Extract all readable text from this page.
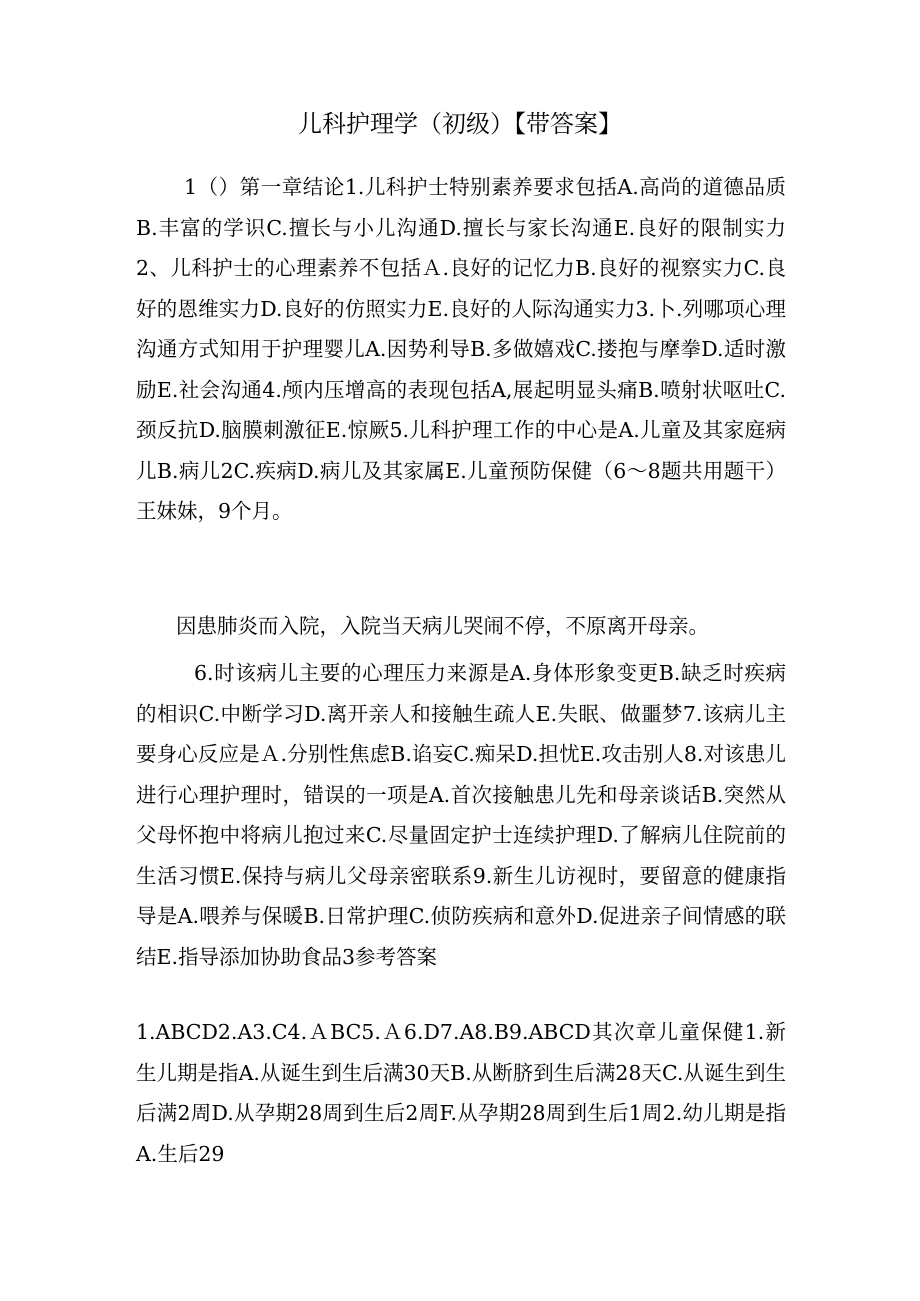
儿科护理学（初级）【带答案】

1（）第一章结论1.儿科护士特别素养要求包括A.高尚的道德品质B.丰富的学识C.擅长与小儿沟通D.擅长与家长沟通E.良好的限制实力2、儿科护士的心理素养不包括Ａ.良好的记忆力B.良好的视察实力C.良好的恩维实力D.良好的仿照实力E.良好的人际沟通实力3.卜.列哪项心理沟通方式知用于护理婴儿A.因势利导B.多做嬉戏C.搂抱与摩拳D.适时激励E.社会沟通4.颅内压增高的表现包括A,展起明显头痛B.喷射状呕吐C.颈反抗D.脑膜刺激征E.惊厥5.儿科护理工作的中心是A.儿童及其家庭病儿B.病儿2C.疾病D.病儿及其家属E.儿童预防保健（6～8题共用题干）王妹妹，9个月。

因患肺炎而入院，入院当天病儿哭闹不停，不原离开母亲。

6.时该病儿主要的心理压力来源是A.身体形象变更B.缺乏时疾病的相识C.中断学习D.离开亲人和接触生疏人E.失眠、做噩梦7.该病儿主要身心反应是Ａ.分别性焦虑B.谄妄C.痴呆D.担忧E.攻击别人8.对该患儿进行心理护理时，错误的一项是A.首次接触患儿先和母亲谈话B.突然从父母怀抱中将病儿抱过来C.尽量固定护士连续护理D.了解病儿住院前的生活习惯E.保持与病儿父母亲密联系9.新生儿访视时，要留意的健康指导是A.喂养与保暖B.日常护理C.侦防疾病和意外D.促进亲子间情感的联结E.指导添加协助食品3参考答案

1.ABCD2.A3.C4.ＡBC5.Ａ6.D7.A8.B9.ABCD其次章儿童保健1.新生儿期是指A.从诞生到生后满30天B.从断脐到生后满28天C.从诞生到生后满2周D.从孕期28周到生后2周F.从孕期28周到生后1周2.幼儿期是指A.生后29
